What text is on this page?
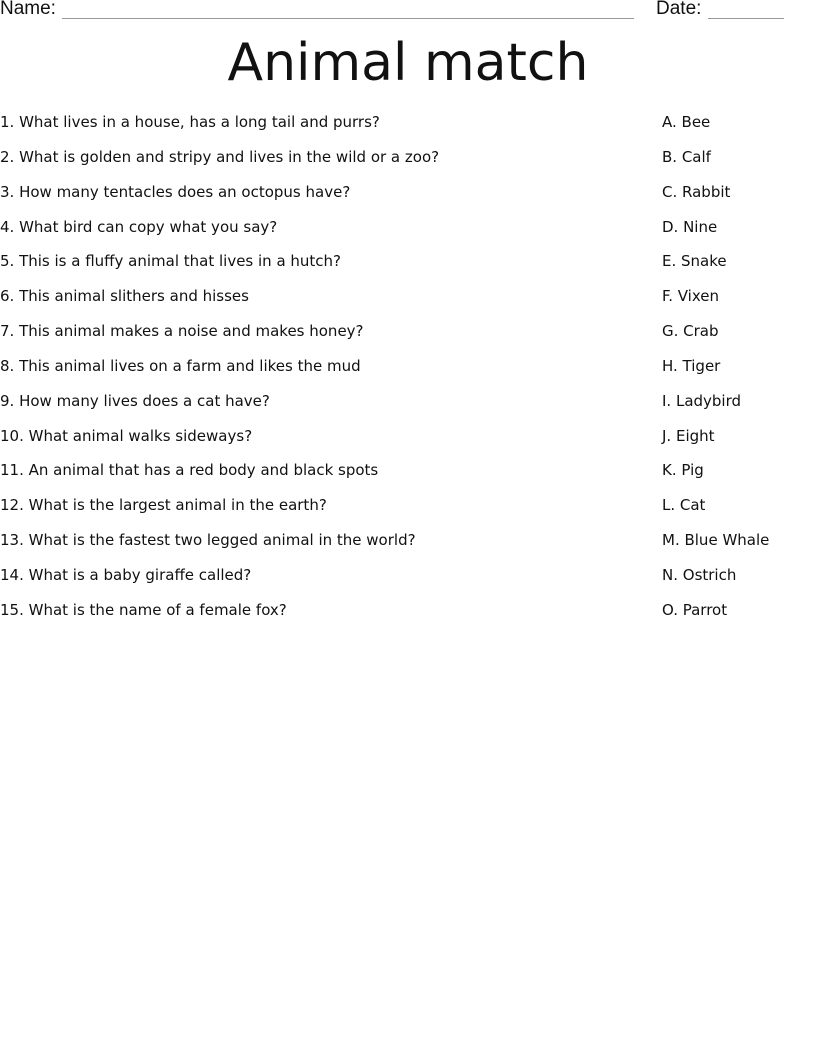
Name:	Date:
Animal match
1. What lives in a house, has a long tail and purrs?
2. What is golden and stripy and lives in the wild or a zoo?
3. How many tentacles does an octopus have?
4. What bird can copy what you say?
5. This is a fluffy animal that lives in a hutch?
6. This animal slithers and hisses
7. This animal makes a noise and makes honey?
8. This animal lives on a farm and likes the mud
9. How many lives does a cat have?
10. What animal walks sideways?
11. An animal that has a red body and black spots
12. What is the largest animal in the earth?
13. What is the fastest two legged animal in the world?
14. What is a baby giraffe called?
15. What is the name of a female fox?
A. Bee
B. Calf
C. Rabbit
D. Nine
E. Snake
F. Vixen
G. Crab
H. Tiger
I. Ladybird
J. Eight
K. Pig
L. Cat
M. Blue Whale
N. Ostrich
O. Parrot
